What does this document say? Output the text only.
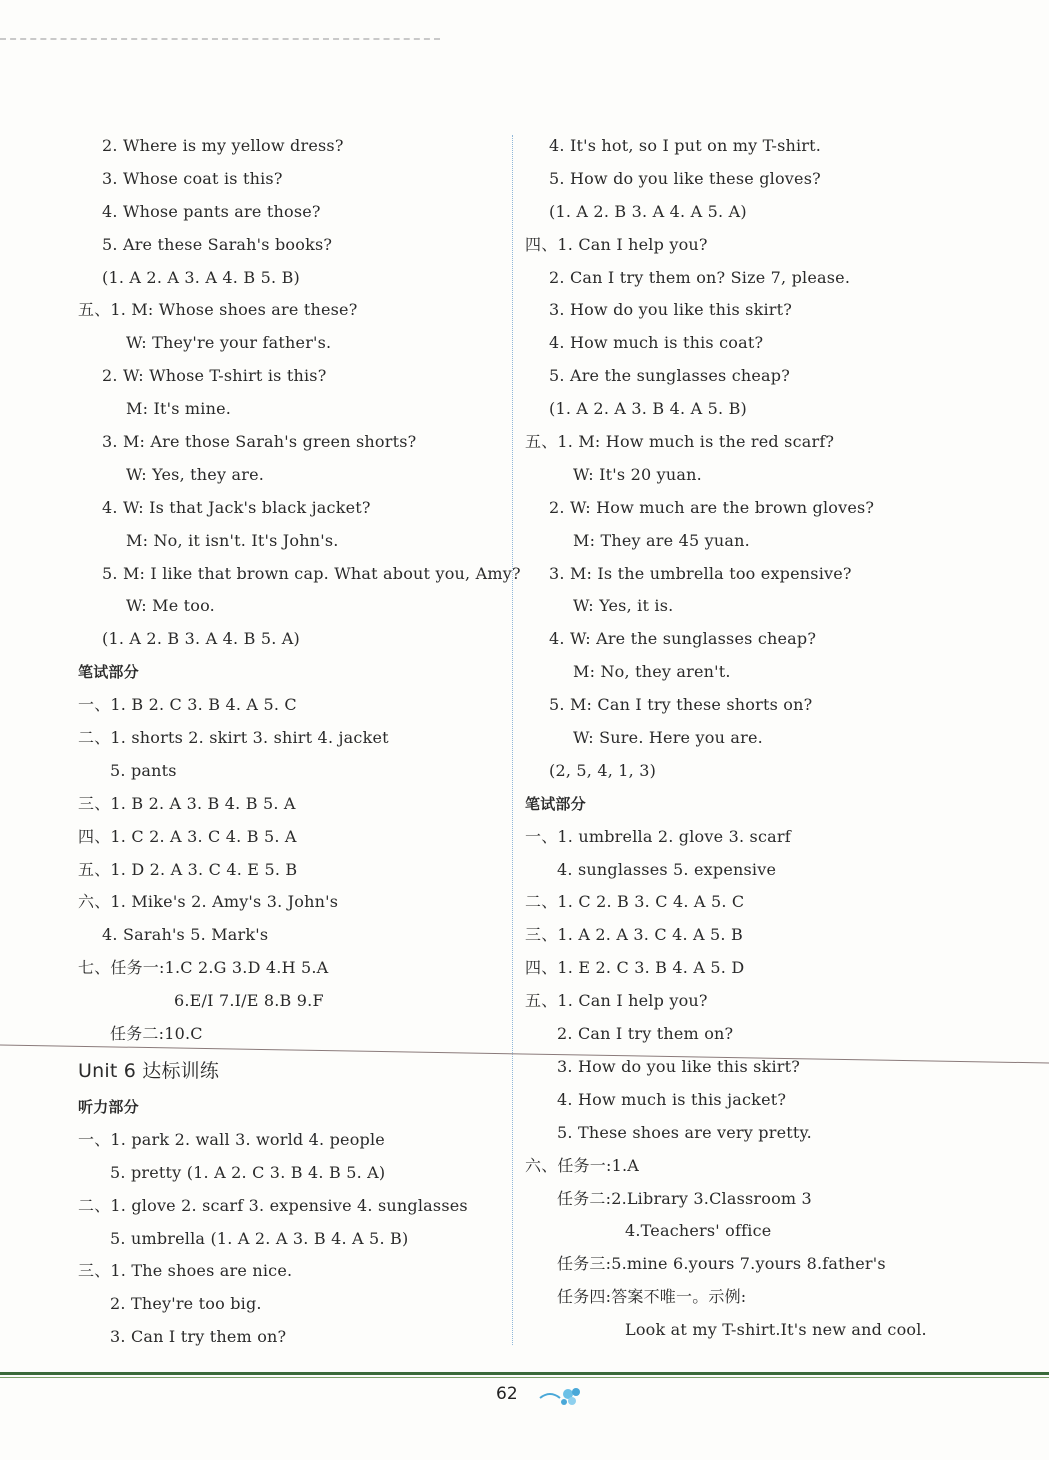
2. Where is my yellow dress?
3. Whose coat is this?
4. Whose pants are those?
5. Are these Sarah's books?
(1. A 2. A 3. A 4. B 5. B)
五、1. M: Whose shoes are these?
W: They're your father's.
2. W: Whose T-shirt is this?
M: It's mine.
3. M: Are those Sarah's green shorts?
W: Yes, they are.
4. W: Is that Jack's black jacket?
M: No, it isn't. It's John's.
5. M: I like that brown cap. What about you, Amy?
W: Me too.
(1. A 2. B 3. A 4. B 5. A)
笔试部分
一、1. B 2. C 3. B 4. A 5. C
二、1. shorts 2. skirt 3. shirt 4. jacket
5. pants
三、1. B 2. A 3. B 4. B 5. A
四、1. C 2. A 3. C 4. B 5. A
五、1. D 2. A 3. C 4. E 5. B
六、1. Mike's 2. Amy's 3. John's
4. Sarah's 5. Mark's
七、任务一:1.C 2.G 3.D 4.H 5.A
6.E/I 7.I/E 8.B 9.F
任务二:10.C
Unit 6 达标训练
听力部分
一、1. park 2. wall 3. world 4. people
5. pretty (1. A 2. C 3. B 4. B 5. A)
二、1. glove 2. scarf 3. expensive 4. sunglasses
5. umbrella (1. A 2. A 3. B 4. A 5. B)
三、1. The shoes are nice.
2. They're too big.
3. Can I try them on?
4. It's hot, so I put on my T-shirt.
5. How do you like these gloves?
(1. A 2. B 3. A 4. A 5. A)
四、1. Can I help you?
2. Can I try them on? Size 7, please.
3. How do you like this skirt?
4. How much is this coat?
5. Are the sunglasses cheap?
(1. A 2. A 3. B 4. A 5. B)
五、1. M: How much is the red scarf?
W: It's 20 yuan.
2. W: How much are the brown gloves?
M: They are 45 yuan.
3. M: Is the umbrella too expensive?
W: Yes, it is.
4. W: Are the sunglasses cheap?
M: No, they aren't.
5. M: Can I try these shorts on?
W: Sure. Here you are.
(2, 5, 4, 1, 3)
笔试部分
一、1. umbrella 2. glove 3. scarf
4. sunglasses 5. expensive
二、1. C 2. B 3. C 4. A 5. C
三、1. A 2. A 3. C 4. A 5. B
四、1. E 2. C 3. B 4. A 5. D
五、1. Can I help you?
2. Can I try them on?
3. How do you like this skirt?
4. How much is this jacket?
5. These shoes are very pretty.
六、任务一:1.A
任务二:2.Library 3.Classroom 3
4.Teachers' office
任务三:5.mine 6.yours 7.yours 8.father's
任务四:答案不唯一。示例:
Look at my T-shirt.It's new and cool.
62
